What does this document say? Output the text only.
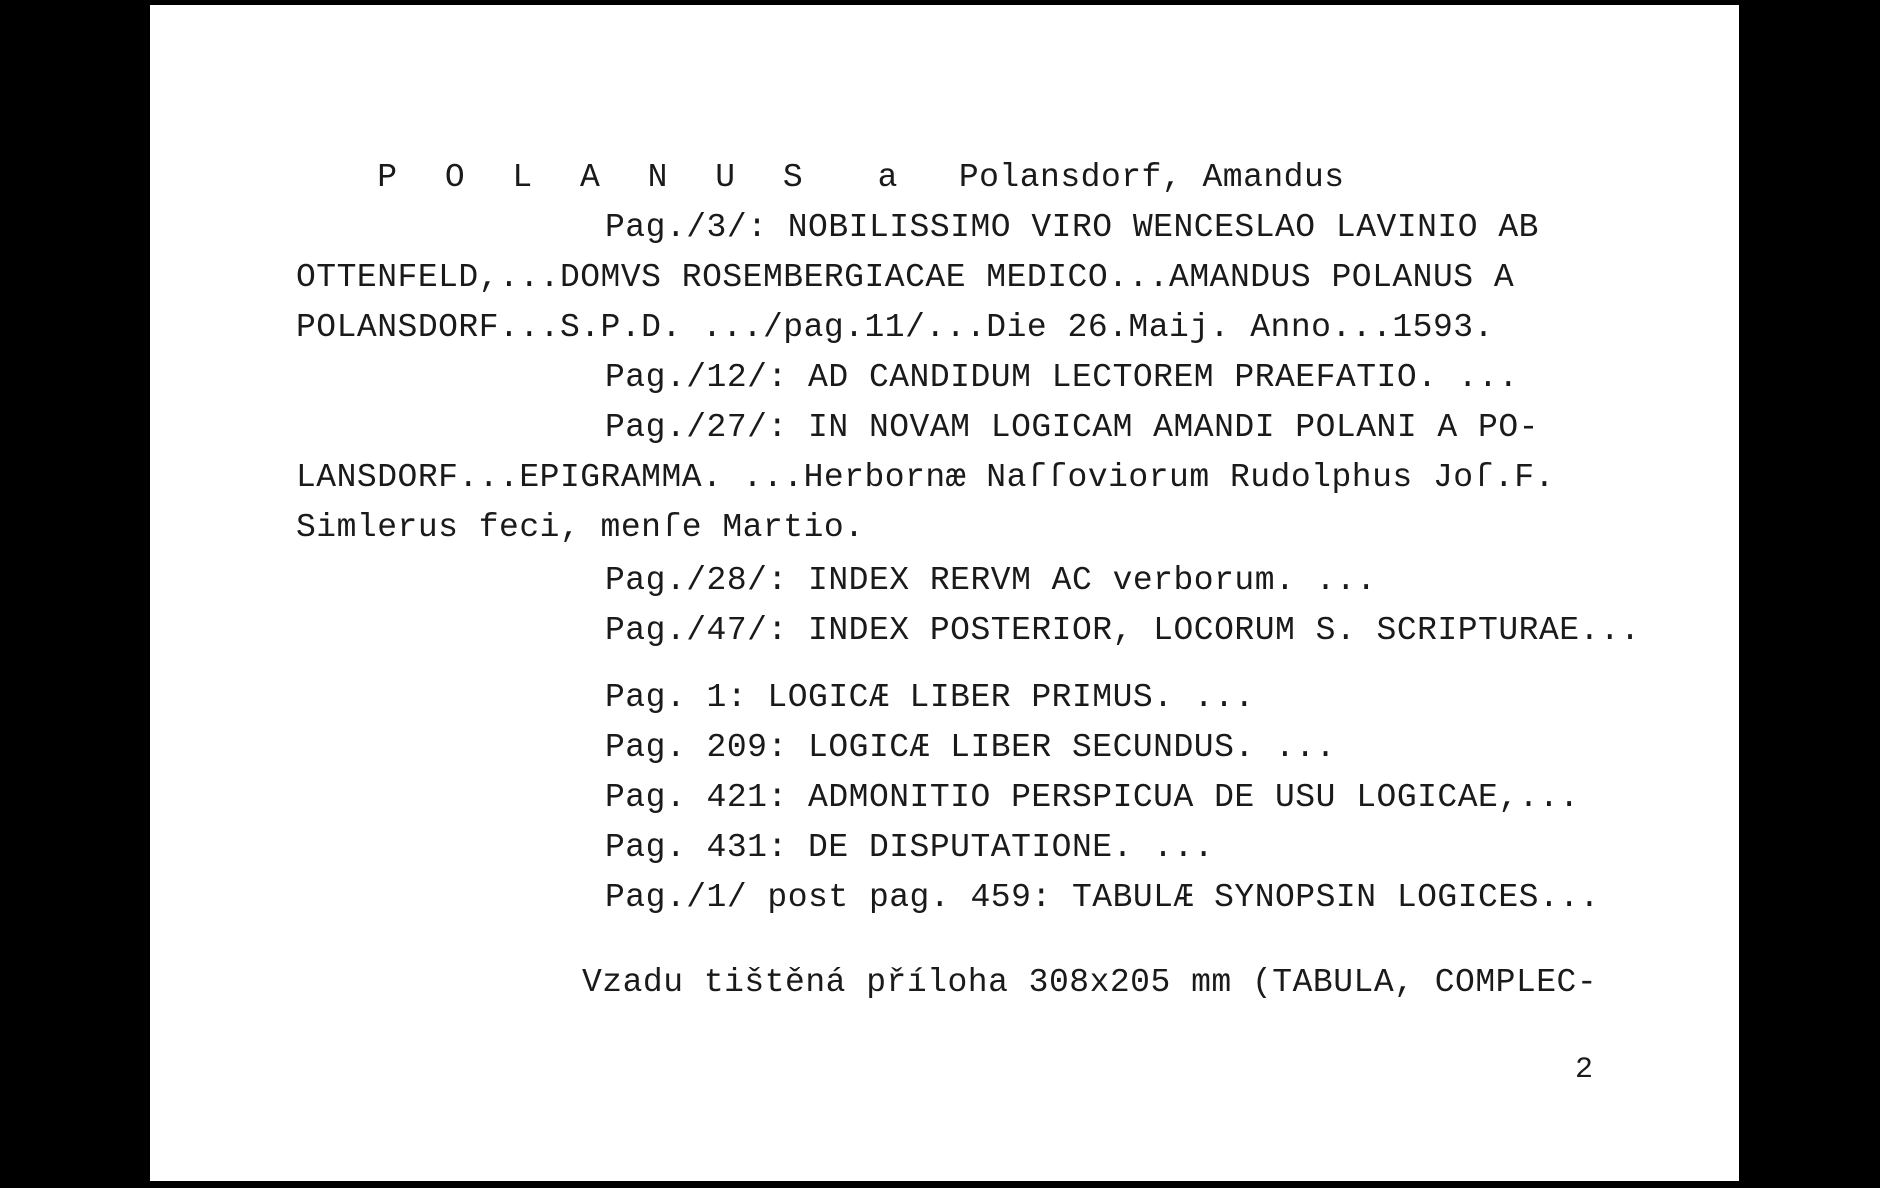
P O L A N U S a Polansdorf, Amandus

Pag./3/: NOBILISSIMO VIRO WENCESLAO LAVINIO AB
OTTENFELD,...DOMVS ROSEMBERGIACAE MEDICO...AMANDUS POLANUS A
POLANSDORF...S.P.D. .../pag.11/...Die 26.Maij. Anno...1593.
Pag./12/: AD CANDIDUM LECTOREM PRAEFATIO. ...
Pag./27/: IN NOVAM LOGICAM AMANDI POLANI A PO-
LANSDORF...EPIGRAMMA. ...Herbornæ Naſſoviorum Rudolphus Joſ.F.
Simlerus feci, menſe Martio.
Pag./28/: INDEX RERVM AC verborum. ...
Pag./47/: INDEX POSTERIOR, LOCORUM S. SCRIPTURAE...
Pag. 1: LOGICÆ LIBER PRIMUS. ...
Pag. 209: LOGICÆ LIBER SECUNDUS. ...
Pag. 421: ADMONITIO PERSPICUA DE USU LOGICAE,...
Pag. 431: DE DISPUTATIONE. ...
Pag./1/ post pag. 459: TABULÆ SYNOPSIN LOGICES...
Vzadu tištěná příloha 308x205 mm (TABULA, COMPLEC-
2
